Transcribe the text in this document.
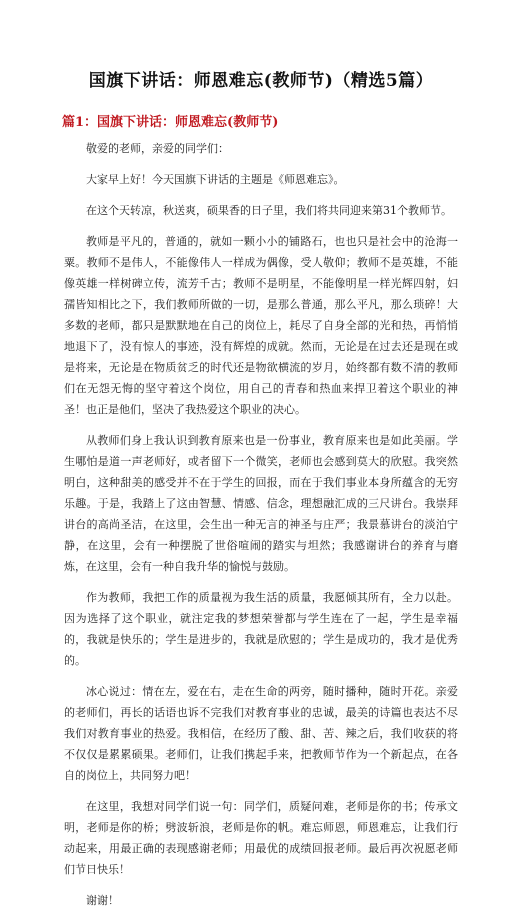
国旗下讲话：师恩难忘(教师节)（精选5篇）
篇1：国旗下讲话：师恩难忘(教师节)

敬爱的老师，亲爱的同学们：

大家早上好！今天国旗下讲话的主题是《师恩难忘》。

在这个天转凉，秋送爽，硕果香的日子里，我们将共同迎来第31个教师节。

教师是平凡的，普通的，就如一颗小小的铺路石，也也只是社会中的沧海一粟。教师不是伟人，不能像伟人一样成为偶像，受人敬仰；教师不是英雄，不能像英雄一样树碑立传，流芳千古；教师不是明星，不能像明星一样光辉四射，妇孺皆知相比之下，我们教师所做的一切，是那么普通，那么平凡，那么琐碎！大多数的老师，都只是默默地在自己的岗位上，耗尽了自身全部的光和热，再悄悄地退下了，没有惊人的事迹，没有辉煌的成就。然而，无论是在过去还是现在或是将来，无论是在物质贫乏的时代还是物欲横流的岁月，始终都有数不清的教师们在无怨无悔的坚守着这个岗位，用自己的青春和热血来捍卫着这个职业的神圣！也正是他们，坚决了我热爱这个职业的决心。

从教师们身上我认识到教育原来也是一份事业，教育原来也是如此美丽。学生哪怕是道一声老师好，或者留下一个微笑，老师也会感到莫大的欣慰。我突然明白，这种甜美的感受并不在于学生的回报，而在于我们事业本身所蕴含的无穷乐趣。于是，我踏上了这由智慧、情感、信念，理想融汇成的三尺讲台。我崇拜讲台的高尚圣洁，在这里，会生出一种无言的神圣与庄严；我景慕讲台的淡泊宁静，在这里，会有一种摆脱了世俗喧闹的踏实与坦然；我感谢讲台的养育与磨炼，在这里，会有一种自我升华的愉悦与鼓励。

作为教师，我把工作的质量视为我生活的质量，我愿倾其所有，全力以赴。因为选择了这个职业，就注定我的梦想荣誉都与学生连在了一起，学生是幸福的，我就是快乐的；学生是进步的，我就是欣慰的；学生是成功的，我才是优秀的。

冰心说过：情在左，爱在右，走在生命的两旁，随时播种，随时开花。亲爱的老师们，再长的话语也诉不完我们对教育事业的忠诚，最美的诗篇也表达不尽我们对教育事业的热爱。我相信，在经历了酸、甜、苦、辣之后，我们收获的将不仅仅是累累硕果。老师们，让我们携起手来，把教师节作为一个新起点，在各自的岗位上，共同努力吧！

在这里，我想对同学们说一句：同学们，质疑问难，老师是你的书；传承文明，老师是你的桥；劈波斩浪，老师是你的帆。难忘师恩，师恩难忘，让我们行动起来，用最正确的表现感谢老师；用最优的成绩回报老师。最后再次祝愿老师们节日快乐！

谢谢！
